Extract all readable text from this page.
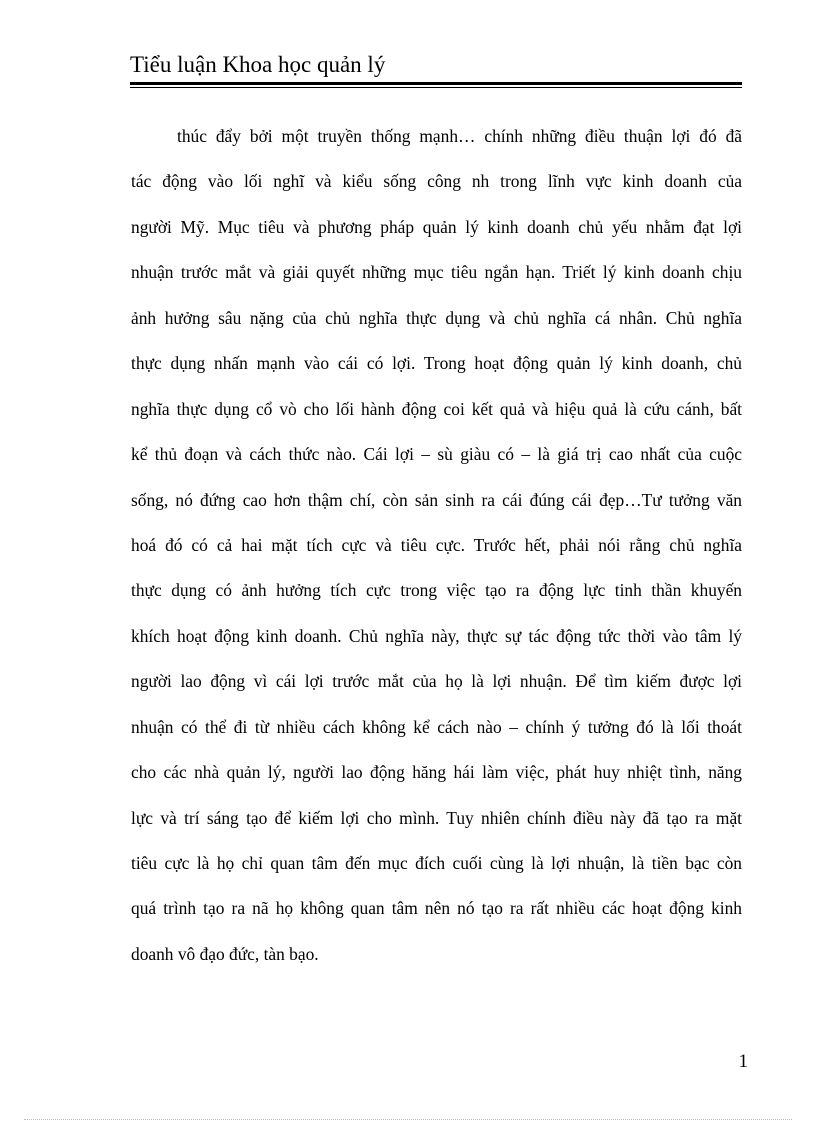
Tiểu luận Khoa học quản lý
thúc đẩy bởi một truyền thống mạnh… chính những điều thuận lợi đó đã
tác động vào lối nghĩ và kiểu sống công nh trong lĩnh vực kinh doanh của
người Mỹ. Mục tiêu và phương pháp quản lý kinh doanh chủ yếu nhằm đạt lợi
nhuận trước mắt và giải quyết những mục tiêu ngắn hạn. Triết lý kinh doanh chịu
ảnh hưởng sâu nặng của chủ nghĩa thực dụng và chủ nghĩa cá nhân. Chủ nghĩa
thực dụng nhấn mạnh vào cái có lợi. Trong hoạt động quản lý kinh doanh, chủ
nghĩa thực dụng cổ vò cho lối hành động coi kết quả và hiệu quả là cứu cánh, bất
kể thủ đoạn và cách thức nào. Cái lợi – sù giàu có – là giá trị cao nhất của cuộc
sống, nó đứng cao hơn thậm chí, còn sản sinh ra cái đúng cái đẹp…Tư tưởng văn
hoá đó có cả hai mặt tích cực và tiêu cực. Trước hết, phải nói rằng chủ nghĩa
thực dụng có ảnh hưởng tích cực trong việc tạo ra động lực tinh thần khuyến
khích hoạt động kinh doanh. Chủ nghĩa này, thực sự tác động tức thời vào tâm lý
người lao động vì cái lợi trước mắt của họ là lợi nhuận. Để tìm kiếm được lợi
nhuận có thể đi từ nhiều cách không kể cách nào – chính ý tưởng đó là lối thoát
cho các nhà quản lý, người lao động hăng hái làm việc, phát huy nhiệt tình, năng
lực và trí sáng tạo để kiếm lợi cho mình. Tuy nhiên chính điều này đã tạo ra mặt
tiêu cực là họ chỉ quan tâm đến mục đích cuối cùng là lợi nhuận, là tiền bạc còn
quá trình tạo ra nã họ không quan tâm nên nó tạo ra rất nhiều các hoạt động kinh
doanh vô đạo đức, tàn bạo.
1
